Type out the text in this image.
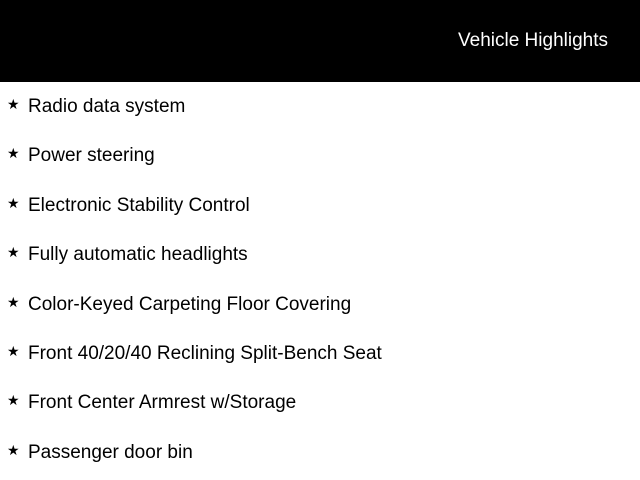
Vehicle Highlights
★ Radio data system
★ Power steering
★ Electronic Stability Control
★ Fully automatic headlights
★ Color-Keyed Carpeting Floor Covering
★ Front 40/20/40 Reclining Split-Bench Seat
★ Front Center Armrest w/Storage
★ Passenger door bin
